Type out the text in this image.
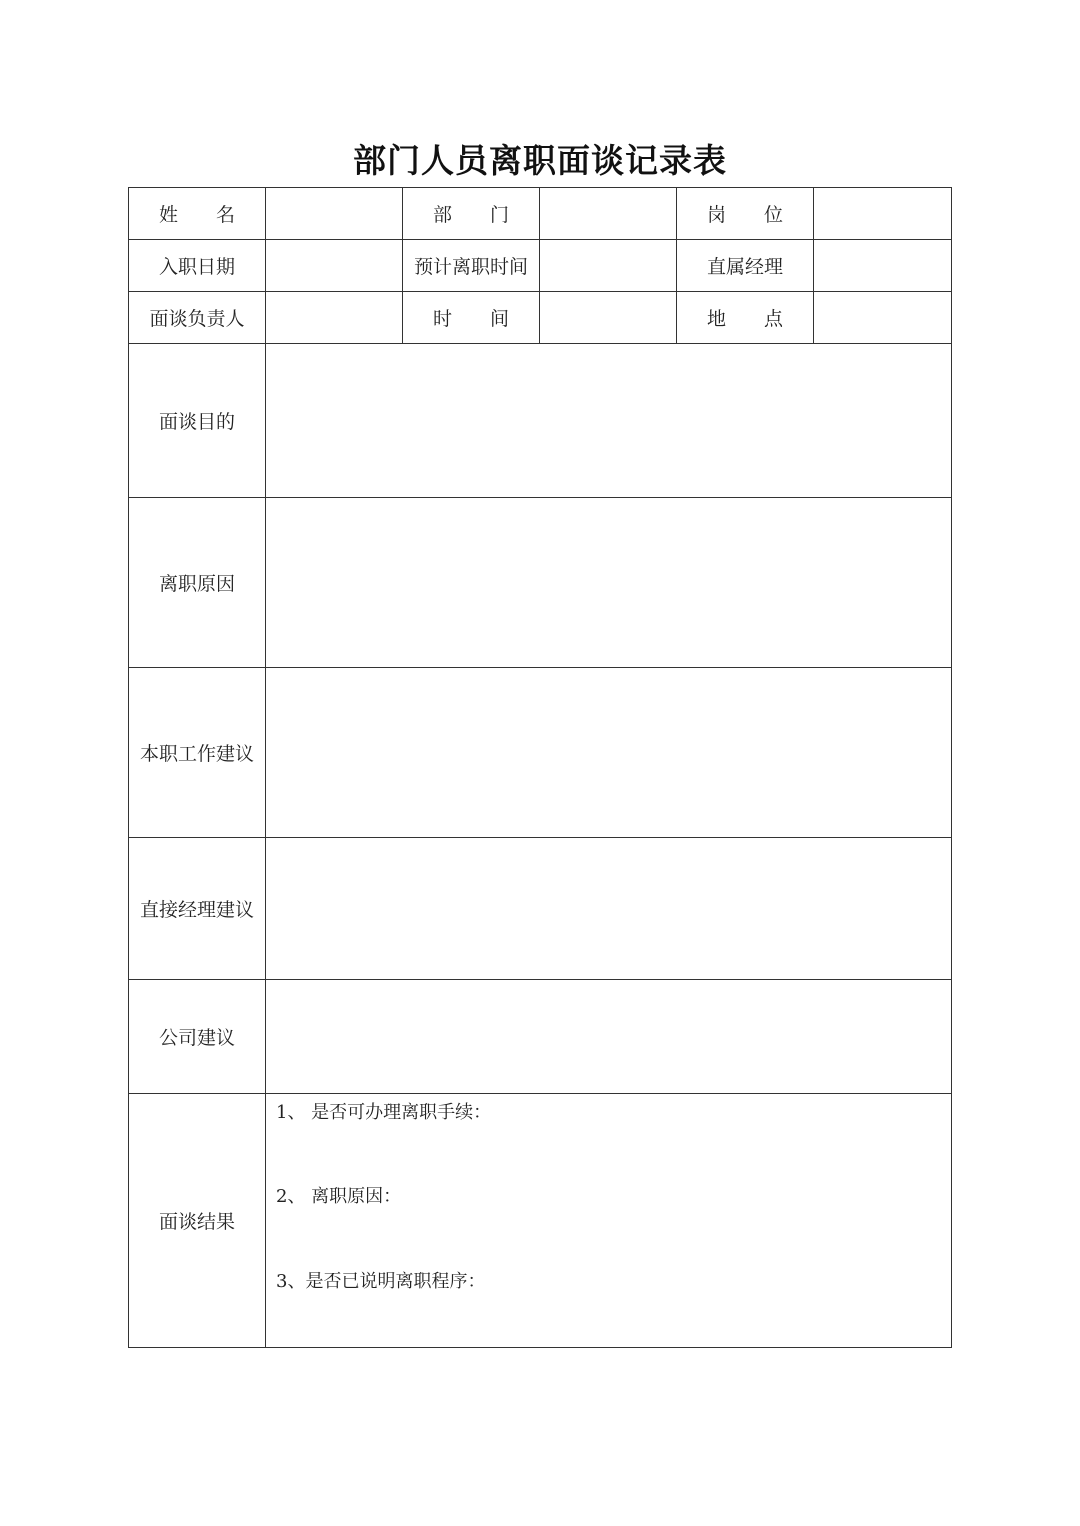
部门人员离职面谈记录表
姓　　名		部　　门		岗　　位	
入职日期		预计离职时间		直属经理	
面谈负责人		时　　间		地　　点	
面谈目的					
离职原因					
本职工作建议					
直接经理建议					
公司建议					
面谈结果	1、 是否可办理离职手续：
2、 离职原因：
3、是否已说明离职程序：				
